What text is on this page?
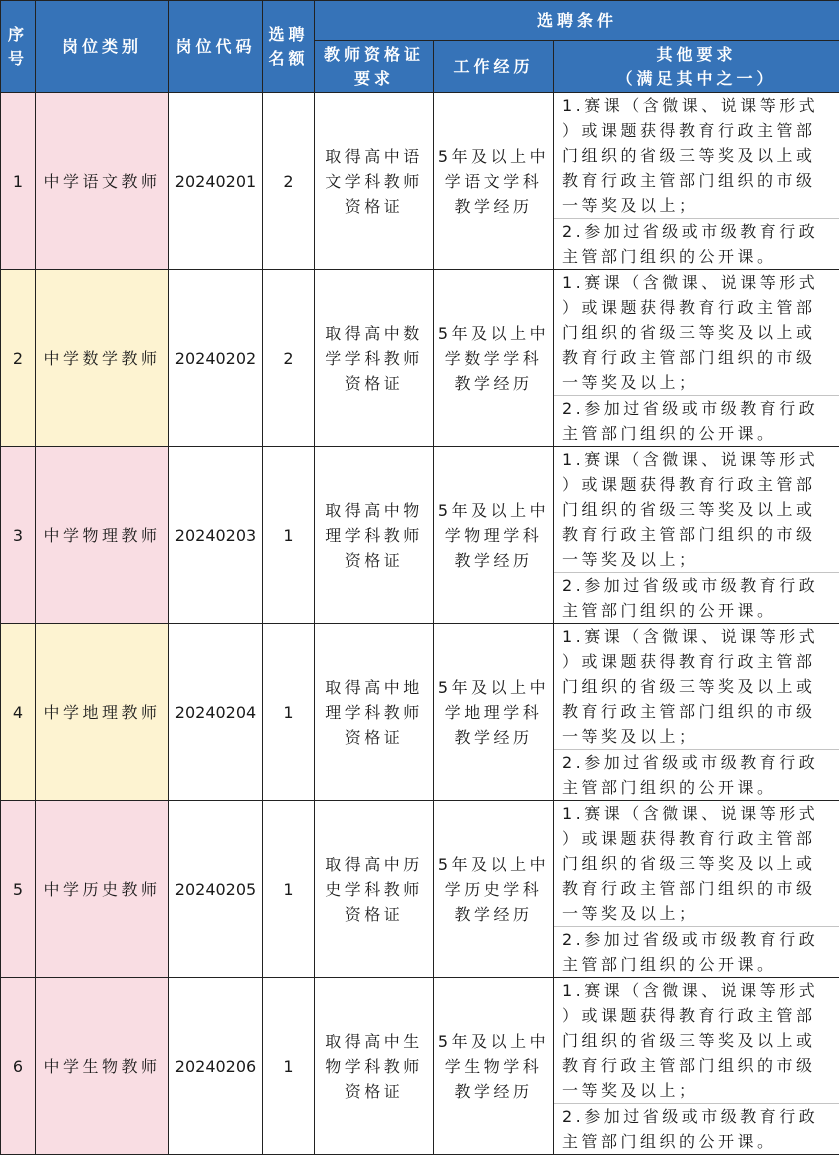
序号	岗位类别	岗位代码	选聘名额	选聘条件		
				教师资格证要求	工作经历	其他要求
（满足其中之一）

1	中学语文教师	20240201	2	取得高中语文学科教师资格证	5年及以上中学语文学科教学经历	1.赛课（含微课、说课等形式）或课题获得教育行政主管部门组织的省级三等奖及以上或教育行政主管部门组织的市级一等奖及以上；
2.参加过省级或市级教育行政主管部门组织的公开课。

2	中学数学教师	20240202	2	取得高中数学学科教师资格证	5年及以上中学数学学科教学经历	1.赛课（含微课、说课等形式）或课题获得教育行政主管部门组织的省级三等奖及以上或教育行政主管部门组织的市级一等奖及以上；
2.参加过省级或市级教育行政主管部门组织的公开课。

3	中学物理教师	20240203	1	取得高中物理学科教师资格证	5年及以上中学物理学科教学经历	1.赛课（含微课、说课等形式）或课题获得教育行政主管部门组织的省级三等奖及以上或教育行政主管部门组织的市级一等奖及以上；
2.参加过省级或市级教育行政主管部门组织的公开课。

4	中学地理教师	20240204	1	取得高中地理学科教师资格证	5年及以上中学地理学科教学经历	1.赛课（含微课、说课等形式）或课题获得教育行政主管部门组织的省级三等奖及以上或教育行政主管部门组织的市级一等奖及以上；
2.参加过省级或市级教育行政主管部门组织的公开课。

5	中学历史教师	20240205	1	取得高中历史学科教师资格证	5年及以上中学历史学科教学经历	1.赛课（含微课、说课等形式）或课题获得教育行政主管部门组织的省级三等奖及以上或教育行政主管部门组织的市级一等奖及以上；
2.参加过省级或市级教育行政主管部门组织的公开课。

6	中学生物教师	20240206	1	取得高中生物学科教师资格证	5年及以上中学生物学科教学经历	1.赛课（含微课、说课等形式）或课题获得教育行政主管部门组织的省级三等奖及以上或教育行政主管部门组织的市级一等奖及以上；
2.参加过省级或市级教育行政主管部门组织的公开课。
